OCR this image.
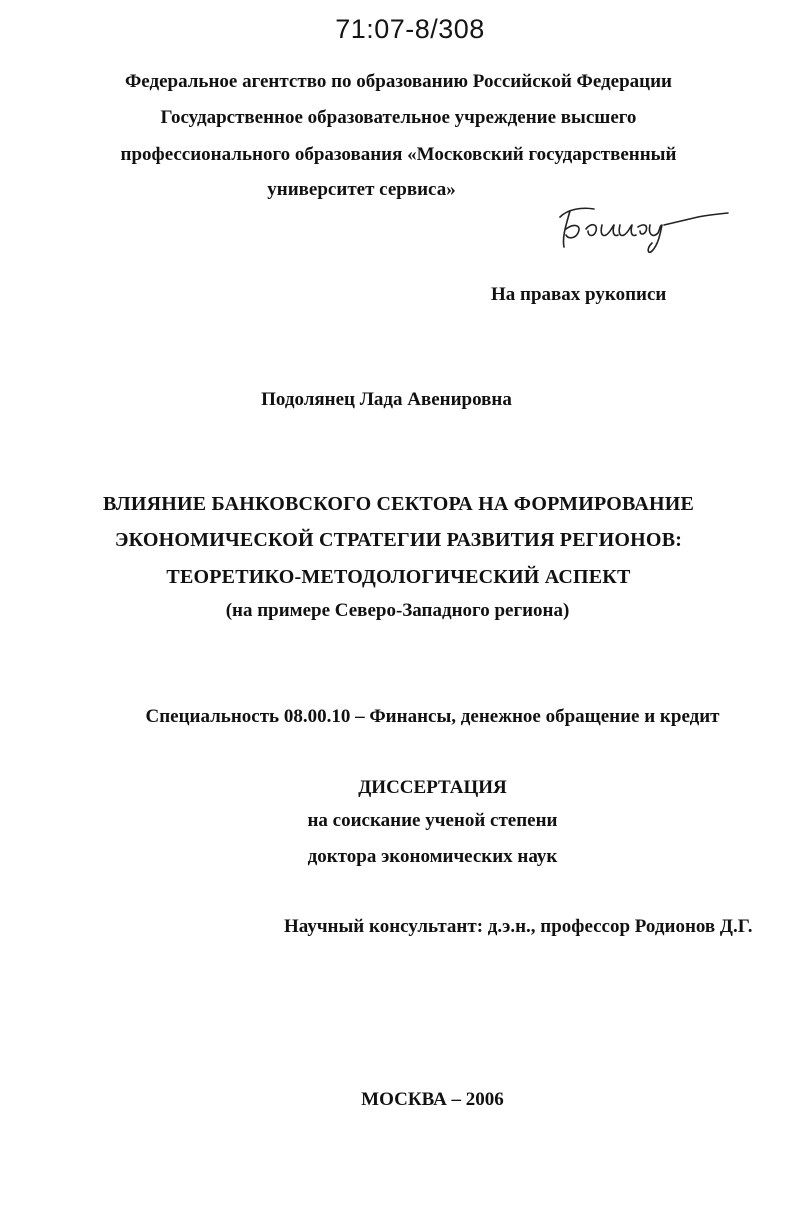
71:07-8/308
Федеральное агентство по образованию Российской Федерации
Государственное образовательное учреждение высшего
профессионального образования «Московский государственный
университет сервиса»
На правах рукописи
Подолянец Лада Авенировна
ВЛИЯНИЕ БАНКОВСКОГО СЕКТОРА НА ФОРМИРОВАНИЕ
ЭКОНОМИЧЕСКОЙ СТРАТЕГИИ РАЗВИТИЯ РЕГИОНОВ:
ТЕОРЕТИКО-МЕТОДОЛОГИЧЕСКИЙ АСПЕКТ
(на примере Северо-Западного региона)
Специальность 08.00.10 – Финансы, денежное обращение и кредит
ДИССЕРТАЦИЯ
на соискание ученой степени
доктора экономических наук
Научный консультант: д.э.н., профессор Родионов Д.Г.
МОСКВА – 2006
